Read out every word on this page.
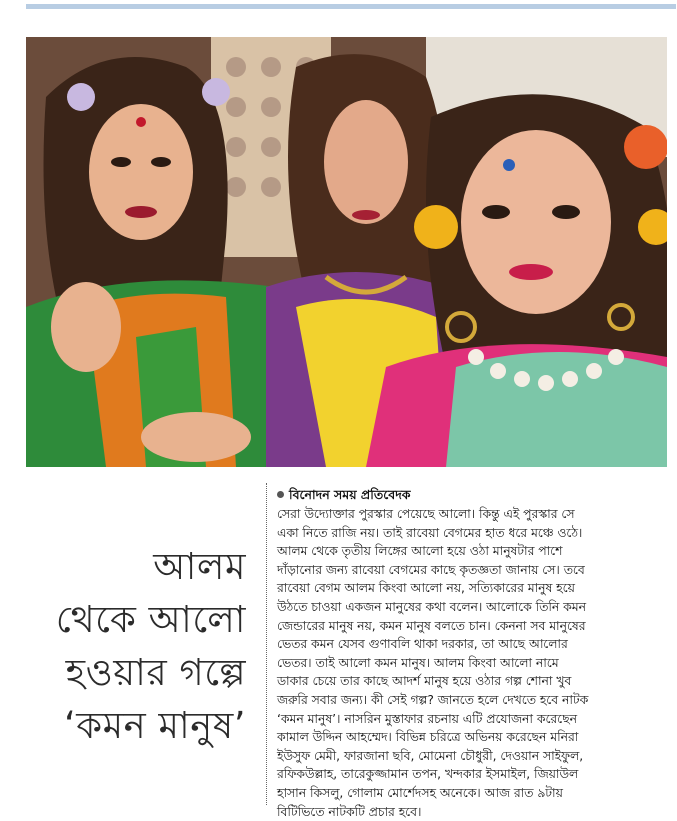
আলম
থেকে আলো
হওয়ার গল্পে
‘কমন মানুষ’
বিনোদন সময় প্রতিবেদক
সেরা উদ্যোক্তার পুরস্কার পেয়েছে আলো। কিন্তু এই পুরস্কার সে
একা নিতে রাজি নয়। তাই রাবেয়া বেগমের হাত ধরে মঞ্চে ওঠে।
আলম থেকে তৃতীয় লিঙ্গের আলো হয়ে ওঠা মানুষটার পাশে
দাঁড়ানোর জন্য রাবেয়া বেগমের কাছে কৃতজ্ঞতা জানায় সে। তবে
রাবেয়া বেগম আলম কিংবা আলো নয়, সত্যিকারের মানুষ হয়ে
উঠতে চাওয়া একজন মানুষের কথা বলেন। আলোকে তিনি কমন
জেন্ডারের মানুষ নয়, কমন মানুষ বলতে চান। কেননা সব মানুষের
ভেতর কমন যেসব গুণাবলি থাকা দরকার, তা আছে আলোর
ভেতর। তাই আলো কমন মানুষ। আলম কিংবা আলো নামে
ডাকার চেয়ে তার কাছে আদর্শ মানুষ হয়ে ওঠার গল্প শোনা খুব
জরুরি সবার জন্য। কী সেই গল্প? জানতে হলে দেখতে হবে নাটক
‘কমন মানুষ’। নাসরিন মুস্তাফার রচনায় এটি প্রযোজনা করেছেন
কামাল উদ্দিন আহম্মেদ। বিভিন্ন চরিত্রে অভিনয় করেছেন মনিরা
ইউসুফ মেমী, ফারজানা ছবি, মোমেনা চৌধুরী, দেওয়ান সাইফুল,
রফিকউল্লাহ, তারেকুজ্জামান তপন, খন্দকার ইসমাইল, জিয়াউল
হাসান কিসলু, গোলাম মোর্শেদসহ অনেকে। আজ রাত ৯টায়
বিটিভিতে নাটকটি প্রচার হবে।
